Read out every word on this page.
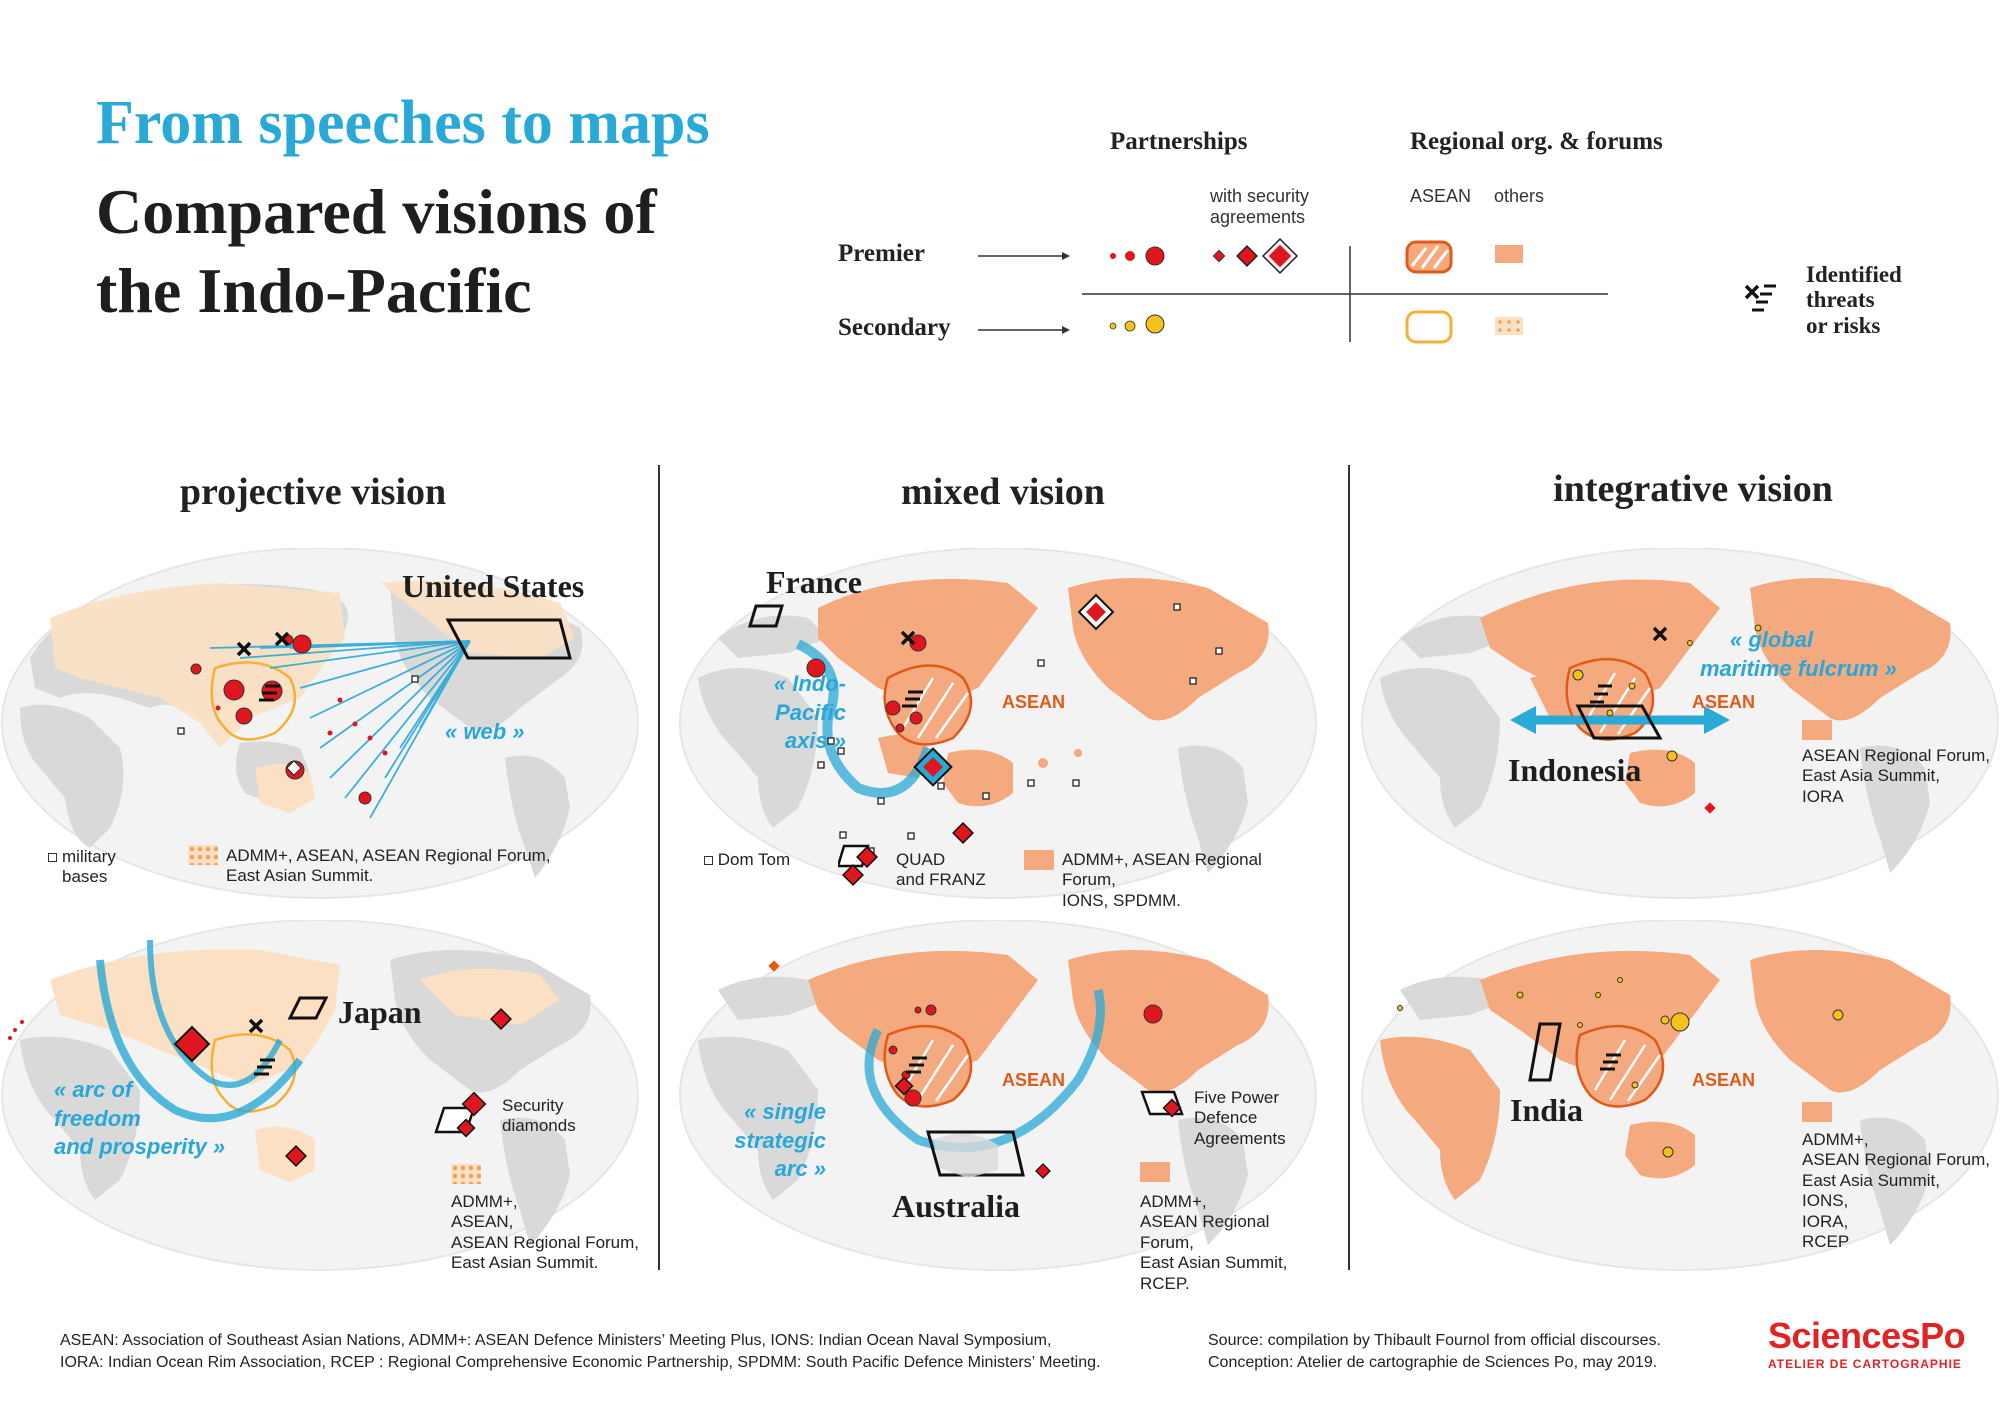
From speeches to maps
Compared visions of
the Indo-Pacific
Partnerships	Regional org. & forums
with security
agreements
ASEAN others
Premier
Secondary
Identified
threats
or risks
projective vision	mixed vision	integrative vision
United States
« web »
military
bases
ADMM+, ASEAN, ASEAN Regional Forum,
East Asian Summit.
France
« Indo-Pacific
axis »
ASEAN
Dom Tom	QUAD
and FRANZ
ADMM+, ASEAN Regional Forum,
IONS, SPDMM.
Indonesia
« global
maritime fulcrum »
ASEAN
ASEAN Regional Forum,
East Asia Summit,
IORA
Japan
« arc of
freedom
and prosperity »
Security
diamonds
ADMM+,
ASEAN,
ASEAN Regional Forum,
East Asian Summit.
Australia
« single
strategic
arc »
ASEAN
Five Power
Defence
Agreements
ADMM+,
ASEAN Regional Forum,
East Asian Summit,
RCEP.
India
ASEAN
ADMM+,
ASEAN Regional Forum,
East Asia Summit,
IONS,
IORA,
RCEP
ASEAN: Association of Southeast Asian Nations, ADMM+: ASEAN Defence Ministers’ Meeting Plus, IONS: Indian Ocean Naval Symposium,
IORA: Indian Ocean Rim Association, RCEP : Regional Comprehensive Economic Partnership, SPDMM: South Pacific Defence Ministers’ Meeting.
Source: compilation by Thibault Fournol from official discourses.
Conception: Atelier de cartographie de Sciences Po, may 2019.
SciencesPo
ATELIER DE CARTOGRAPHIE
